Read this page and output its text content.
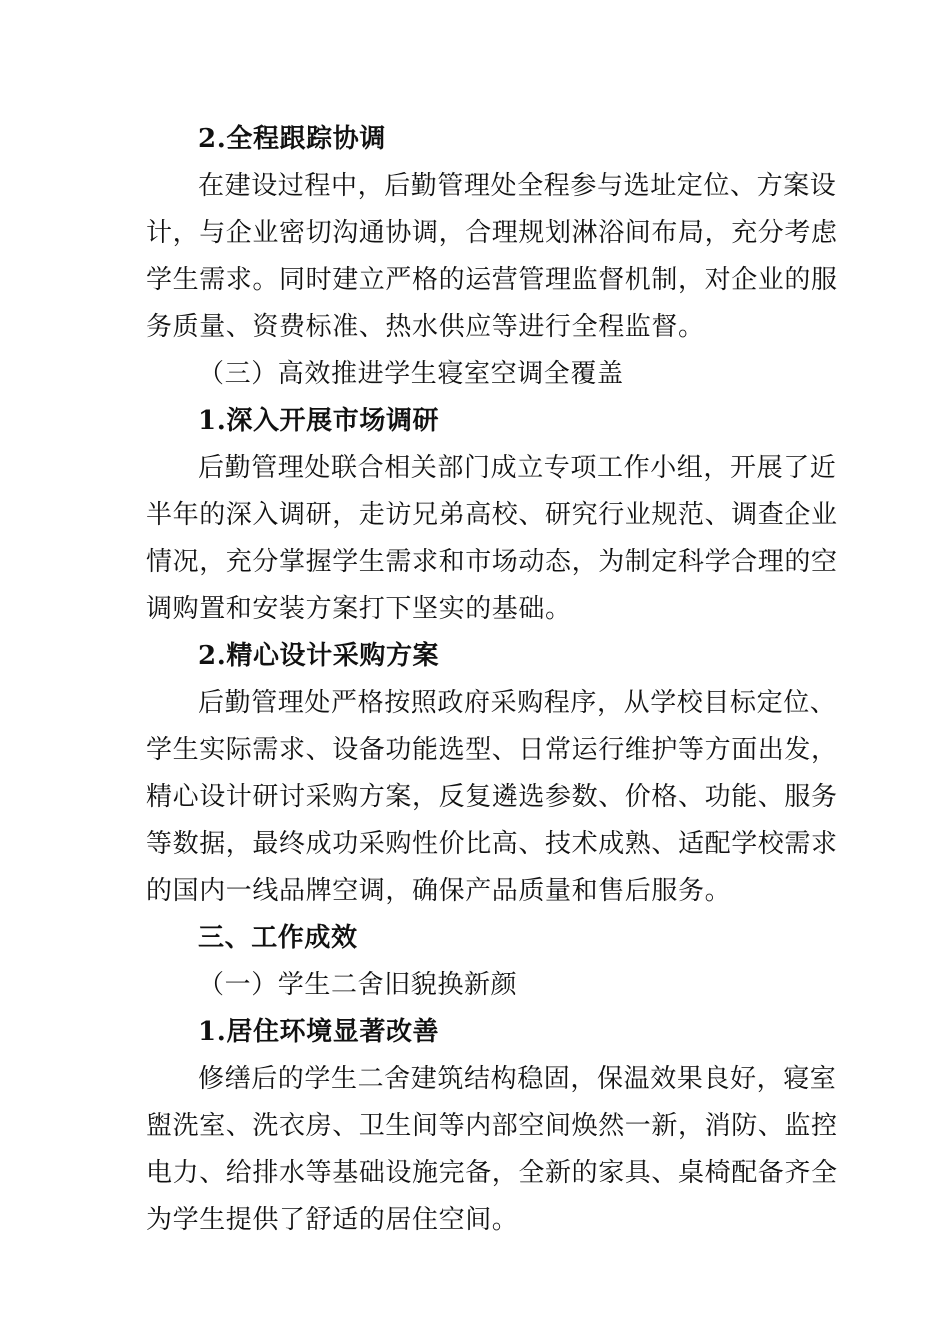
2.全程跟踪协调
在建设过程中，后勤管理处全程参与选址定位、方案设
计，与企业密切沟通协调，合理规划淋浴间布局，充分考虑
学生需求。同时建立严格的运营管理监督机制，对企业的服
务质量、资费标准、热水供应等进行全程监督。
（三）高效推进学生寝室空调全覆盖
1.深入开展市场调研
后勤管理处联合相关部门成立专项工作小组，开展了近
半年的深入调研，走访兄弟高校、研究行业规范、调查企业
情况，充分掌握学生需求和市场动态，为制定科学合理的空
调购置和安装方案打下坚实的基础。
2.精心设计采购方案
后勤管理处严格按照政府采购程序，从学校目标定位、
学生实际需求、设备功能选型、日常运行维护等方面出发，
精心设计研讨采购方案，反复遴选参数、价格、功能、服务
等数据，最终成功采购性价比高、技术成熟、适配学校需求
的国内一线品牌空调，确保产品质量和售后服务。
三、工作成效
（一）学生二舍旧貌换新颜
1.居住环境显著改善
修缮后的学生二舍建筑结构稳固，保温效果良好，寝室
盥洗室、洗衣房、卫生间等内部空间焕然一新，消防、监控
电力、给排水等基础设施完备，全新的家具、桌椅配备齐全
为学生提供了舒适的居住空间。
